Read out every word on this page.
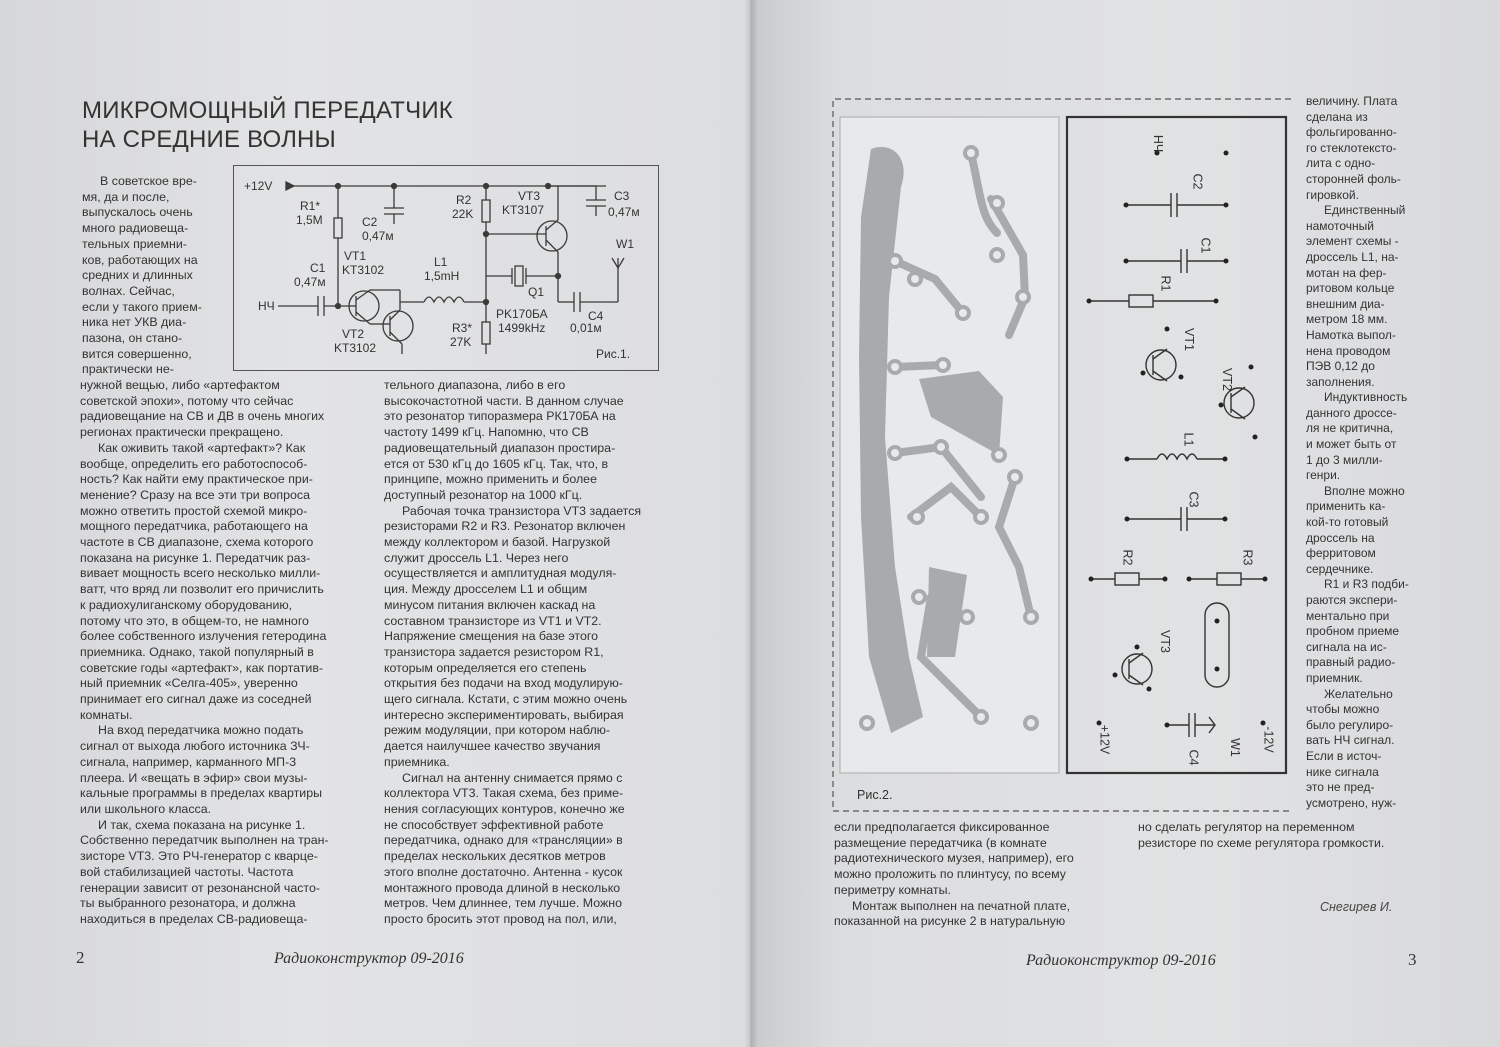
МИКРОМОЩНЫЙ ПЕРЕДАТЧИК
НА СРЕДНИЕ ВОЛНЫ
+12V
R1*
1,5M	C2
0,47м
R2
22K
VT3
KT3107
C3
0,47м
W1
VT1
KT3102
L1
1,5mH
C1
0,47м
Q1
НЧ
PK170БА
1499kHz
C4
0,01м
R3*
27K
VT2
KT3102	Рис.1.

В советское вре-

мя, да и после,

выпускалось очень

много радиовеща-

тельных приемни-

ков, работающих на

средних и длинных

волнах. Сейчас,

если у такого прием-

ника нет УКВ диа-

пазона, он стано-

вится совершенно,

практически не-

нужной вещью, либо «артефактом

советской эпохи», потому что сейчас

радиовещание на СВ и ДВ в очень многих

регионах практически прекращено.

Как оживить такой «артефакт»? Как

вообще, определить его работоспособ-

ность? Как найти ему практическое при-

менение? Сразу на все эти три вопроса

можно ответить простой схемой микро-

мощного передатчика, работающего на

частоте в СВ диапазоне, схема которого

показана на рисунке 1. Передатчик раз-

вивает мощность всего несколько милли-

ватт, что вряд ли позволит его причислить

к радиохулиганскому оборудованию,

потому что это, в общем-то, не намного

более собственного излучения гетеродина

приемника. Однако, такой популярный в

советские годы «артефакт», как портатив-

ный приемник «Селга-405», уверенно

принимает его сигнал даже из соседней

комнаты.

На вход передатчика можно подать

сигнал от выхода любого источника ЗЧ-

сигнала, например, карманного МП-3

плеера. И «вещать в эфир» свои музы-

кальные программы в пределах квартиры

или школьного класса.

И так, схема показана на рисунке 1.

Собственно передатчик выполнен на тран-

зисторе VT3. Это РЧ-генератор с кварце-

вой стабилизацией частоты. Частота

генерации зависит от резонансной часто-

ты выбранного резонатора, и должна

находиться в пределах СВ-радиовеща-

тельного диапазона, либо в его

высокочастотной части. В данном случае

это резонатор типоразмера РК170БА на

частоту 1499 кГц. Напомню, что СВ

радиовещательный диапазон простира-

ется от 530 кГц до 1605 кГц. Так, что, в

принципе, можно применить и более

доступный резонатор на 1000 кГц.

Рабочая точка транзистора VT3 задается

резисторами R2 и R3. Резонатор включен

между коллектором и базой. Нагрузкой

служит дроссель L1. Через него

осуществляется и амплитудная модуля-

ция. Между дросселем L1 и общим

минусом питания включен каскад на

составном транзисторе из VT1 и VT2.

Напряжение смещения на базе этого

транзистора задается резистором R1,

которым определяется его степень

открытия без подачи на вход модулирую-

щего сигнала. Кстати, с этим можно очень

интересно экспериментировать, выбирая

режим модуляции, при котором наблю-

дается наилучшее качество звучания

приемника.

Сигнал на антенну снимается прямо с

коллектора VT3. Такая схема, без приме-

нения согласующих контуров, конечно же

не способствует эффективной работе

передатчика, однако для «трансляции» в

пределах нескольких десятков метров

этого вполне достаточно. Антенна - кусок

монтажного провода длиной в несколько

метров. Чем длиннее, тем лучше. Можно

просто бросить этот провод на пол, или,

НЧ
C2
C1
R1
VT1
VT2
L1
C3
R2	R3
VT3
+12V
C4
W1 -12V
Рис.2.

величину. Плата

сделана из

фольгированно-

го стеклотексто-

лита с одно-

сторонней фоль-

гировкой.

Единственный

намоточный

элемент схемы -

дроссель L1, на-

мотан на фер-

ритовом кольце

внешним диа-

метром 18 мм.

Намотка выпол-

нена проводом

ПЭВ 0,12 до

заполнения.

Индуктивность

данного дроссе-

ля не критична,

и может быть от

1 до 3 милли-

генри.

Вполне можно

применить ка-

кой-то готовый

дроссель на

ферритовом

сердечнике.

R1 и R3 подби-

раются экспери-

ментально при

пробном приеме

сигнала на ис-

правный радио-

приемник.

Желательно

чтобы можно

было регулиро-

вать НЧ сигнал.

Если в источ-

нике сигнала

это не пред-

усмотрено, нуж-

если предполагается фиксированное

размещение передатчика (в комнате

радиотехнического музея, например), его

можно проложить по плинтусу, по всему

периметру комнаты.

Монтаж выполнен на печатной плате,

показанной на рисунке 2 в натуральную

но сделать регулятор на переменном

резисторе по схеме регулятора громкости.

Снегирев И.
2	Радиоконструктор 09-2016	Радиоконструктор 09-2016	3
